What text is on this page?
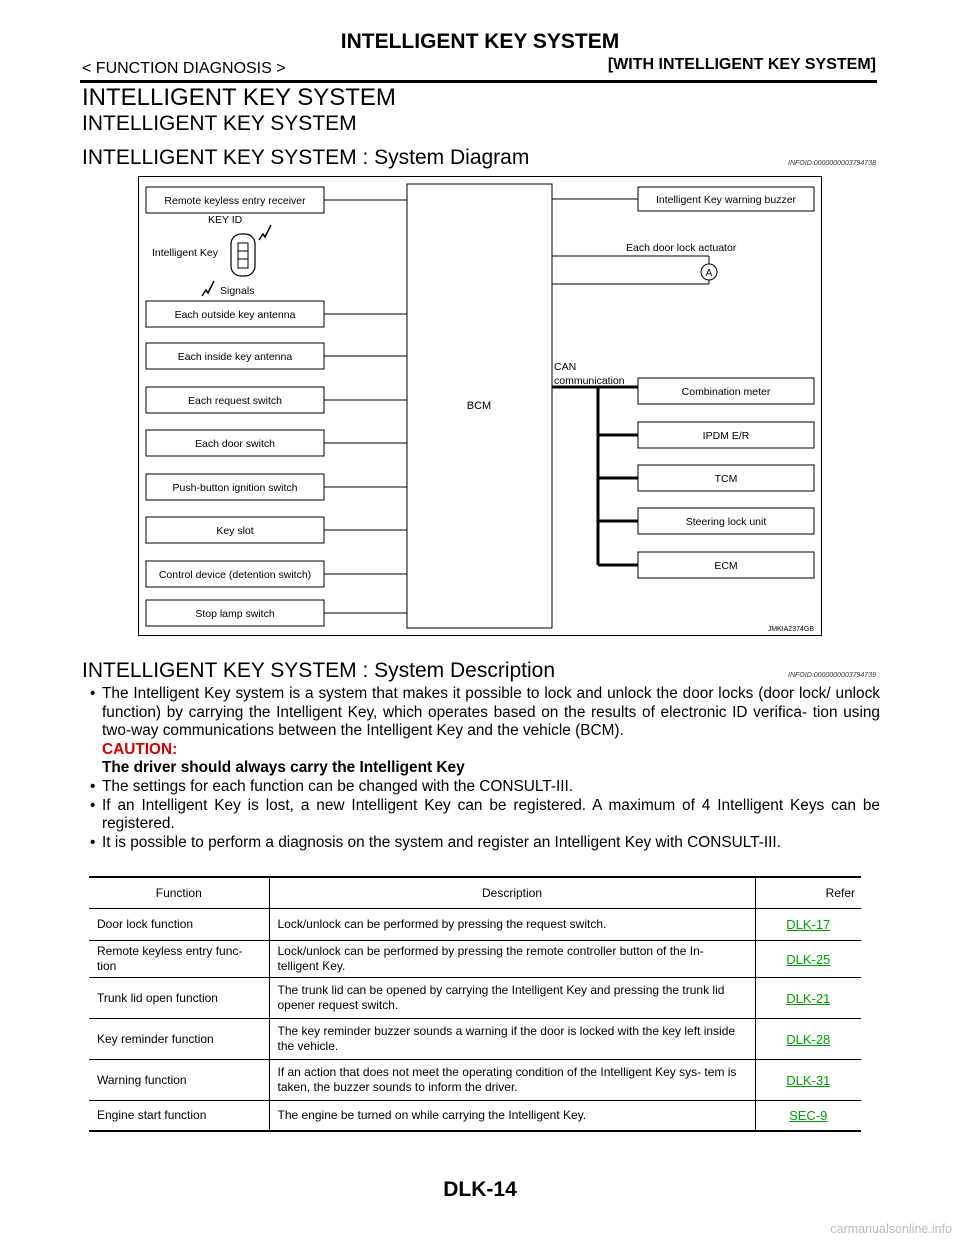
INTELLIGENT KEY SYSTEM
< FUNCTION DIAGNOSIS >	[WITH INTELLIGENT KEY SYSTEM]
INTELLIGENT KEY SYSTEM
INTELLIGENT KEY SYSTEM
INTELLIGENT KEY SYSTEM : System Diagram	INFOID:0000000003794738
Remote keyless entry receiver
Each outside key antenna
Each inside key antenna
Each request switch
Each door switch
Push-button ignition switch
Key slot
Control device (detention switch)
Stop lamp switch
BCM
KEY ID
Intelligent Key
Signals
Intelligent Key warning buzzer
Each door lock actuator
A
CAN
communication
Combination meter
IPDM E/R
TCM
Steering lock unit
ECM
JMKIA2374GB
INTELLIGENT KEY SYSTEM : System Description	INFOID:0000000003794739
• The Intelligent Key system is a system that makes it possible to lock and unlock the door locks (door lock/ unlock function) by carrying the Intelligent Key, which operates based on the results of electronic ID verifica- tion using two-way communications between the Intelligent Key and the vehicle (BCM).
CAUTION:
The driver should always carry the Intelligent Key
• The settings for each function can be changed with the CONSULT-III.
• If an Intelligent Key is lost, a new Intelligent Key can be registered. A maximum of 4 Intelligent Keys can be registered.
• It is possible to perform a diagnosis on the system and register an Intelligent Key with CONSULT-III.
Function	Description	Refer
Door lock function	Lock/unlock can be performed by pressing the request switch.	DLK-17
Remote keyless entry func- tion	Lock/unlock can be performed by pressing the remote controller button of the In- telligent Key.	DLK-25
Trunk lid open function	The trunk lid can be opened by carrying the Intelligent Key and pressing the trunk lid opener request switch.	DLK-21
Key reminder function	The key reminder buzzer sounds a warning if the door is locked with the key left inside the vehicle.	DLK-28
Warning function	If an action that does not meet the operating condition of the Intelligent Key sys- tem is taken, the buzzer sounds to inform the driver.	DLK-31
Engine start function	The engine be turned on while carrying the Intelligent Key.	SEC-9
DLK-14
carmanualsonline.info
